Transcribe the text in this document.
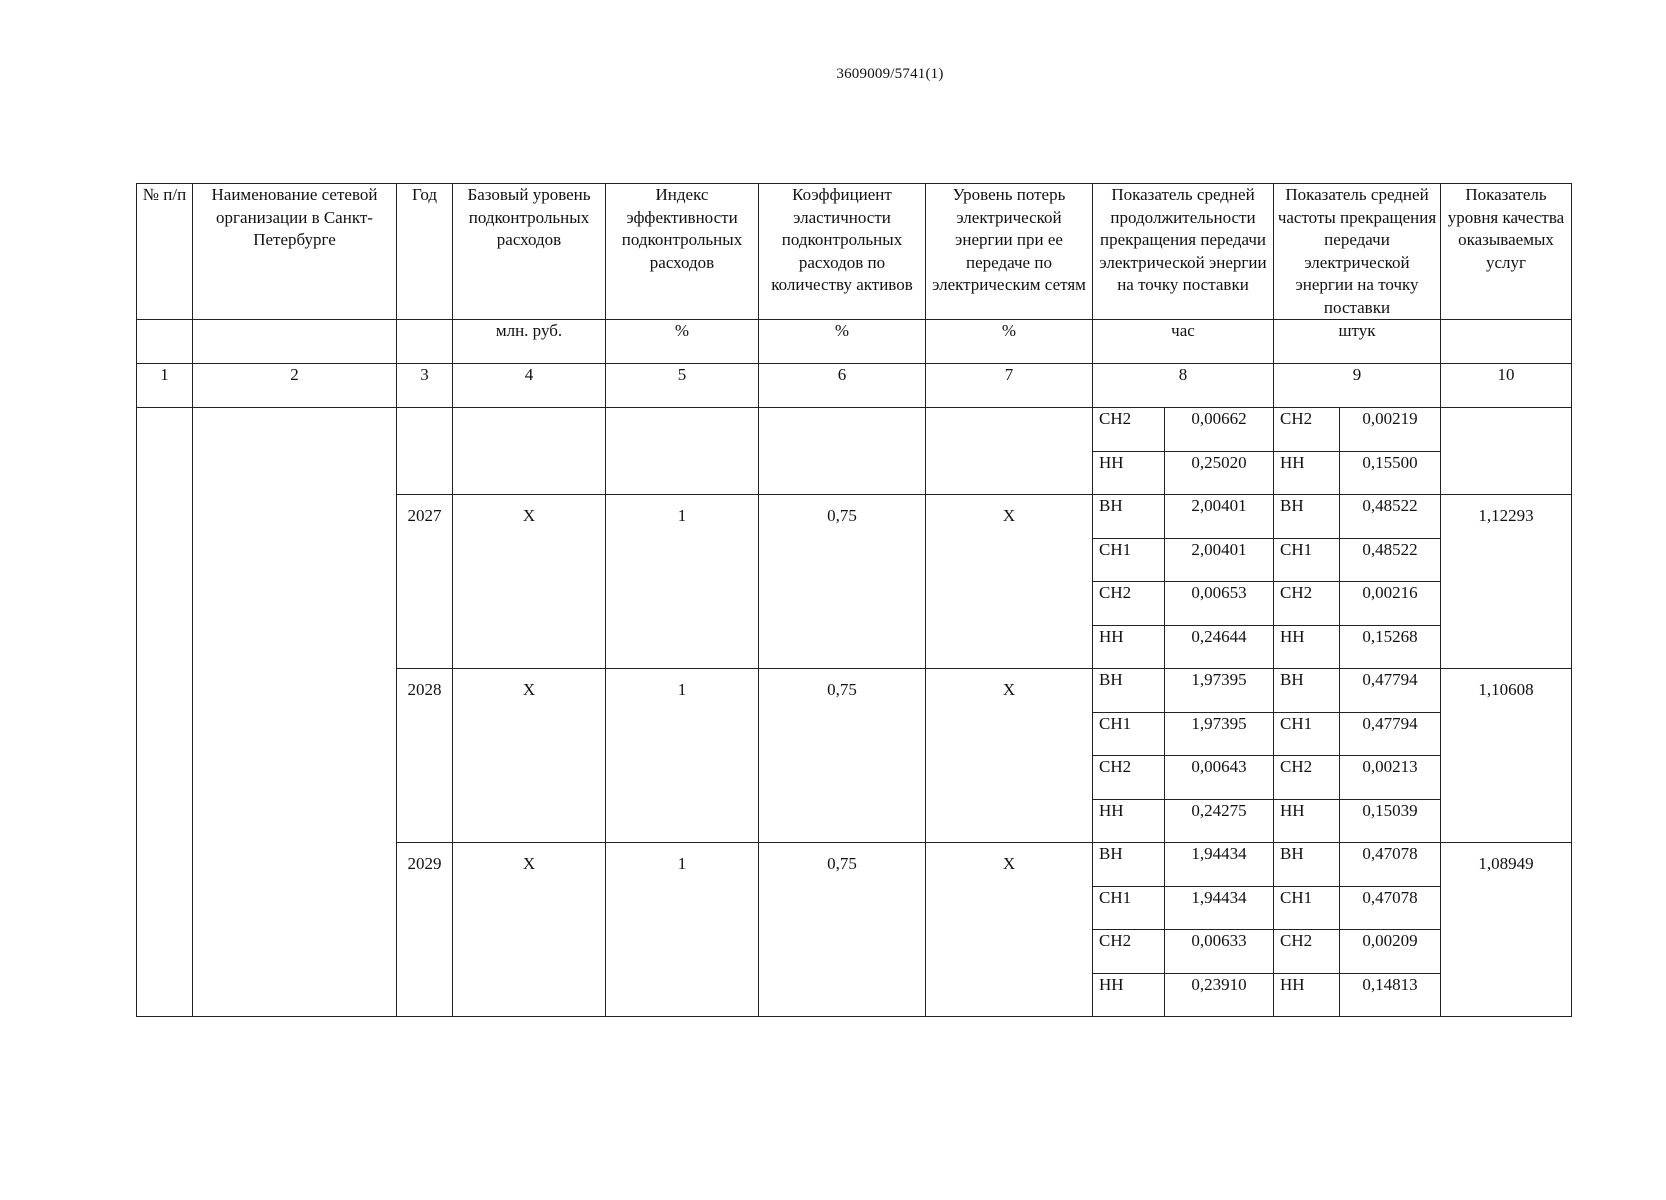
3609009/5741(1)
№ п/п	Наименование сетевой организации в Санкт-Петербурге	Год	Базовый уровень подконтрольных расходов	Индекс эффективности подконтрольных расходов	Коэффициент эластичности подконтрольных расходов по количеству активов	Уровень потерь электрической энергии при ее передаче по электрическим сетям	Показатель средней продолжительности прекращения передачи электрической энергии на точку поставки		Показатель средней частоты прекращения передачи электрической энергии на точку поставки		Показатель уровня качества оказываемых услуг
			млн. руб.	%	%	%	час		штук		
1	2	3	4	5	6	7	8		9		10
							СН2	0,00662	СН2	0,00219	
							НН	0,25020	НН	0,15500	
		2027	X	1	0,75	X	ВН	2,00401	ВН	0,48522	1,12293
							СН1	2,00401	СН1	0,48522	
							СН2	0,00653	СН2	0,00216	
							НН	0,24644	НН	0,15268	
		2028	X	1	0,75	X	ВН	1,97395	ВН	0,47794	1,10608
							СН1	1,97395	СН1	0,47794	
							СН2	0,00643	СН2	0,00213	
							НН	0,24275	НН	0,15039	
		2029	X	1	0,75	X	ВН	1,94434	ВН	0,47078	1,08949
							СН1	1,94434	СН1	0,47078	
							СН2	0,00633	СН2	0,00209	
							НН	0,23910	НН	0,14813	
